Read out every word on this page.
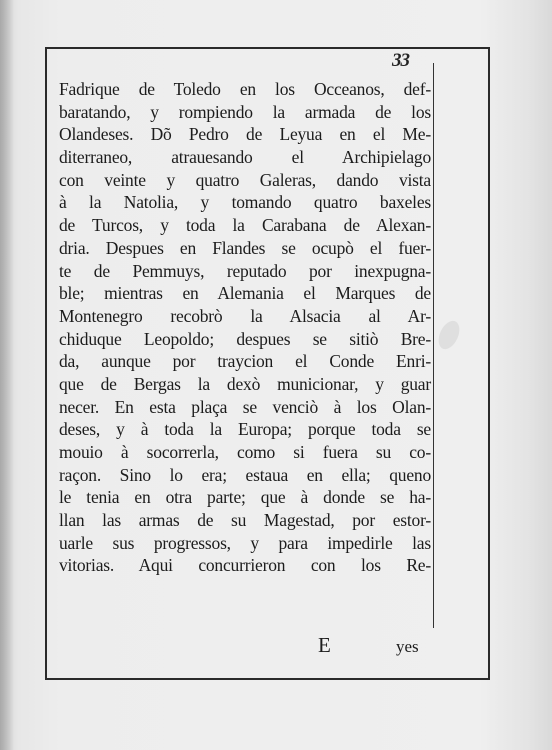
33
Fadrique de Toledo en los Occeanos, def-
baratando, y rompiendo la armada de los
Olandeses. Dõ Pedro de Leyua en el Me-
diterraneo, atrauesando el Archipielago
con veinte y quatro Galeras, dando vista
à la Natolia, y tomando quatro baxeles
de Turcos, y toda la Carabana de Alexan-
dria. Despues en Flandes se ocupò el fuer-
te de Pemmuys, reputado por inexpugna-
ble; mientras en Alemania el Marques de
Montenegro recobrò la Alsacia al Ar-
chiduque Leopoldo; despues se sitiò Bre-
da, aunque por traycion el Conde Enri-
que de Bergas la dexò municionar, y guar
necer. En esta plaça se venciò à los Olan-
deses, y à toda la Europa; porque toda se
mouio à socorrerla, como si fuera su co-
raçon. Sino lo era; estaua en ella; queno
le tenia en otra parte; que à donde se ha-
llan las armas de su Magestad, por estor-
uarle sus progressos, y para impedirle las
vitorias. Aqui concurrieron con los Re-
E	yes
